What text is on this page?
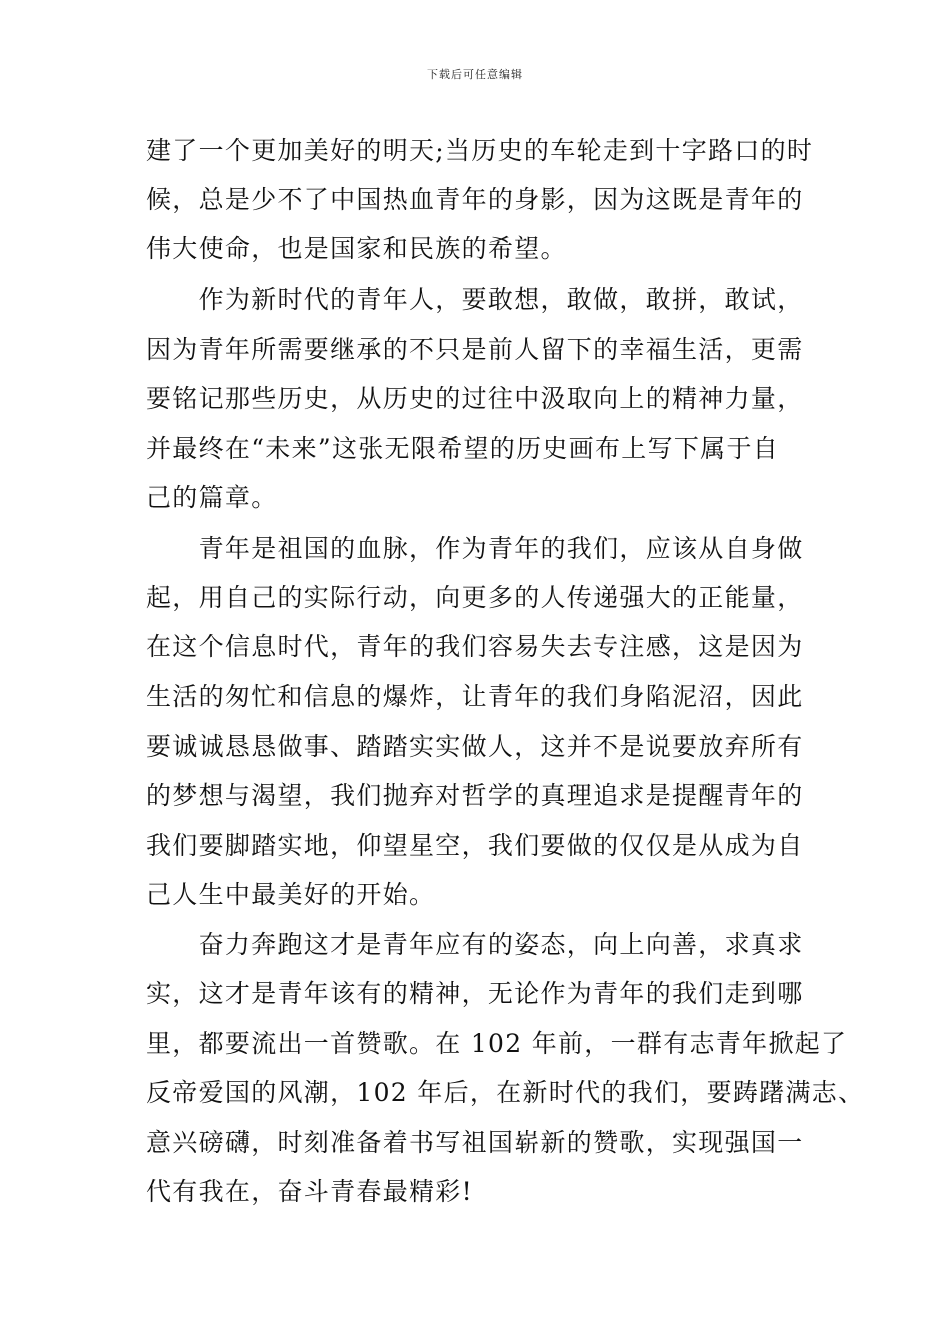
下载后可任意编辑
建了一个更加美好的明天;当历史的车轮走到十字路口的时
候，总是少不了中国热血青年的身影，因为这既是青年的
伟大使命，也是国家和民族的希望。
　　作为新时代的青年人，要敢想，敢做，敢拼，敢试，
因为青年所需要继承的不只是前人留下的幸福生活，更需
要铭记那些历史，从历史的过往中汲取向上的精神力量，
并最终在“未来”这张无限希望的历史画布上写下属于自
己的篇章。
　　青年是祖国的血脉，作为青年的我们，应该从自身做
起，用自己的实际行动，向更多的人传递强大的正能量，
在这个信息时代，青年的我们容易失去专注感，这是因为
生活的匆忙和信息的爆炸，让青年的我们身陷泥沼，因此
要诚诚恳恳做事、踏踏实实做人，这并不是说要放弃所有
的梦想与渴望，我们抛弃对哲学的真理追求是提醒青年的
我们要脚踏实地，仰望星空，我们要做的仅仅是从成为自
己人生中最美好的开始。
　　奋力奔跑这才是青年应有的姿态，向上向善，求真求
实，这才是青年该有的精神，无论作为青年的我们走到哪
里，都要流出一首赞歌。在 102 年前，一群有志青年掀起了
反帝爱国的风潮，102 年后，在新时代的我们，要踌躇满志、
意兴磅礴，时刻准备着书写祖国崭新的赞歌，实现强国一
代有我在，奋斗青春最精彩!
